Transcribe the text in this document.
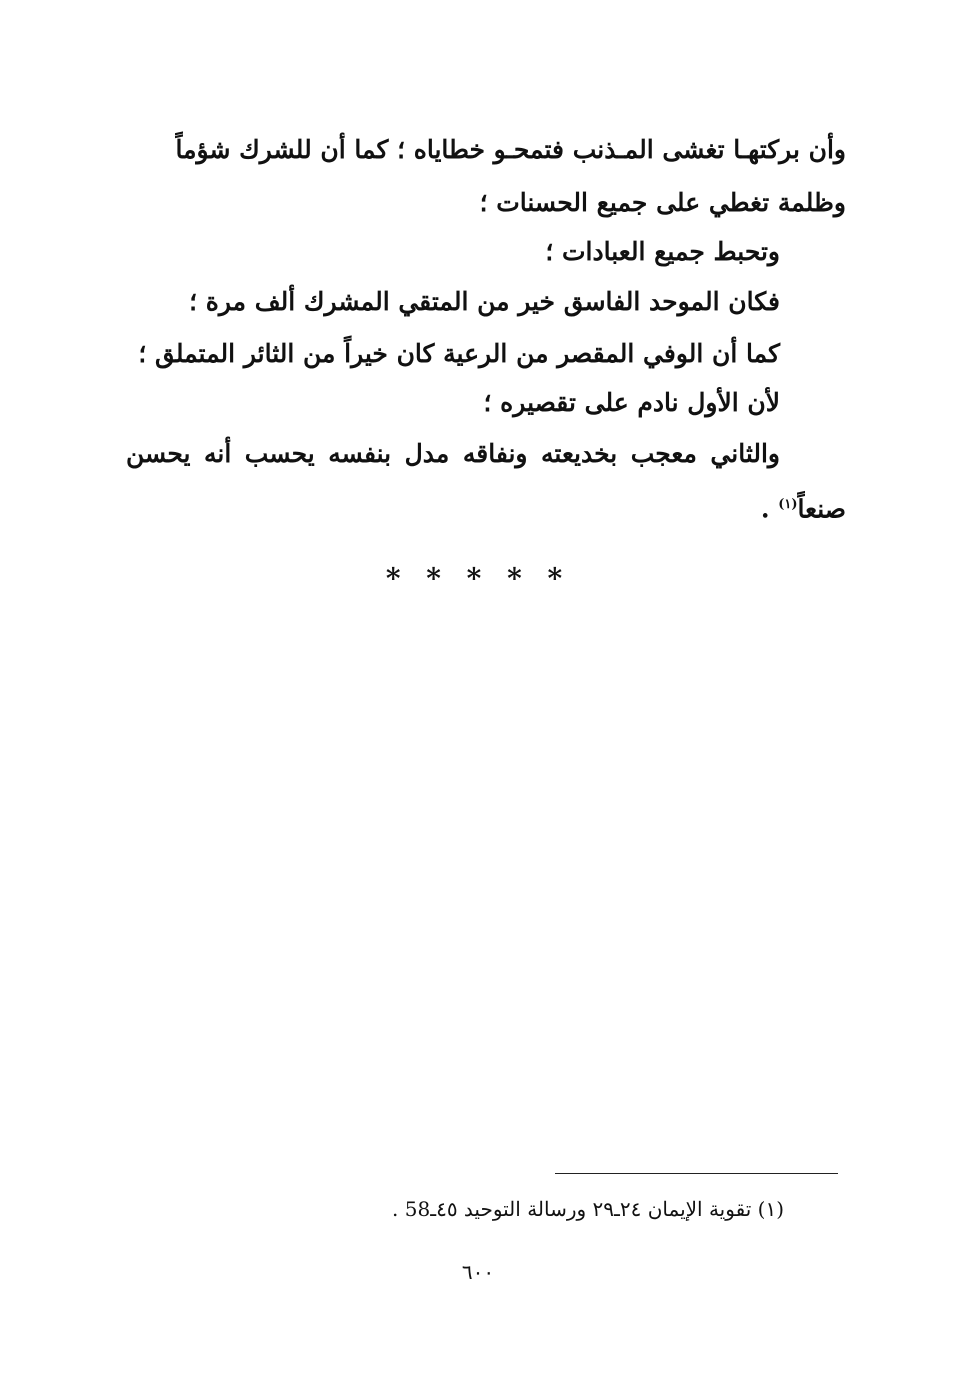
وأن بركتهـا تغشى المـذنب فتمحـو خطاياه ؛ كما أن للشرك شؤماً
وظلمة تغطي على جميع الحسنات ؛
وتحبط جميع العبادات ؛
فكان الموحد الفاسق خير من المتقي المشرك ألف مرة ؛
كما أن الوفي المقصر من الرعية كان خيراً من الثائر المتملق ؛
لأن الأول نادم على تقصيره ؛
والثاني معجب بخديعته ونفاقه مدل بنفسه يحسب أنه يحسن
صنعاً$^{(١)}$ .
* * * * *
(١) تقوية الإيمان ٢٤ـ٢٩ ورسالة التوحيد ٤٥ـ58 .
٦٠٠
